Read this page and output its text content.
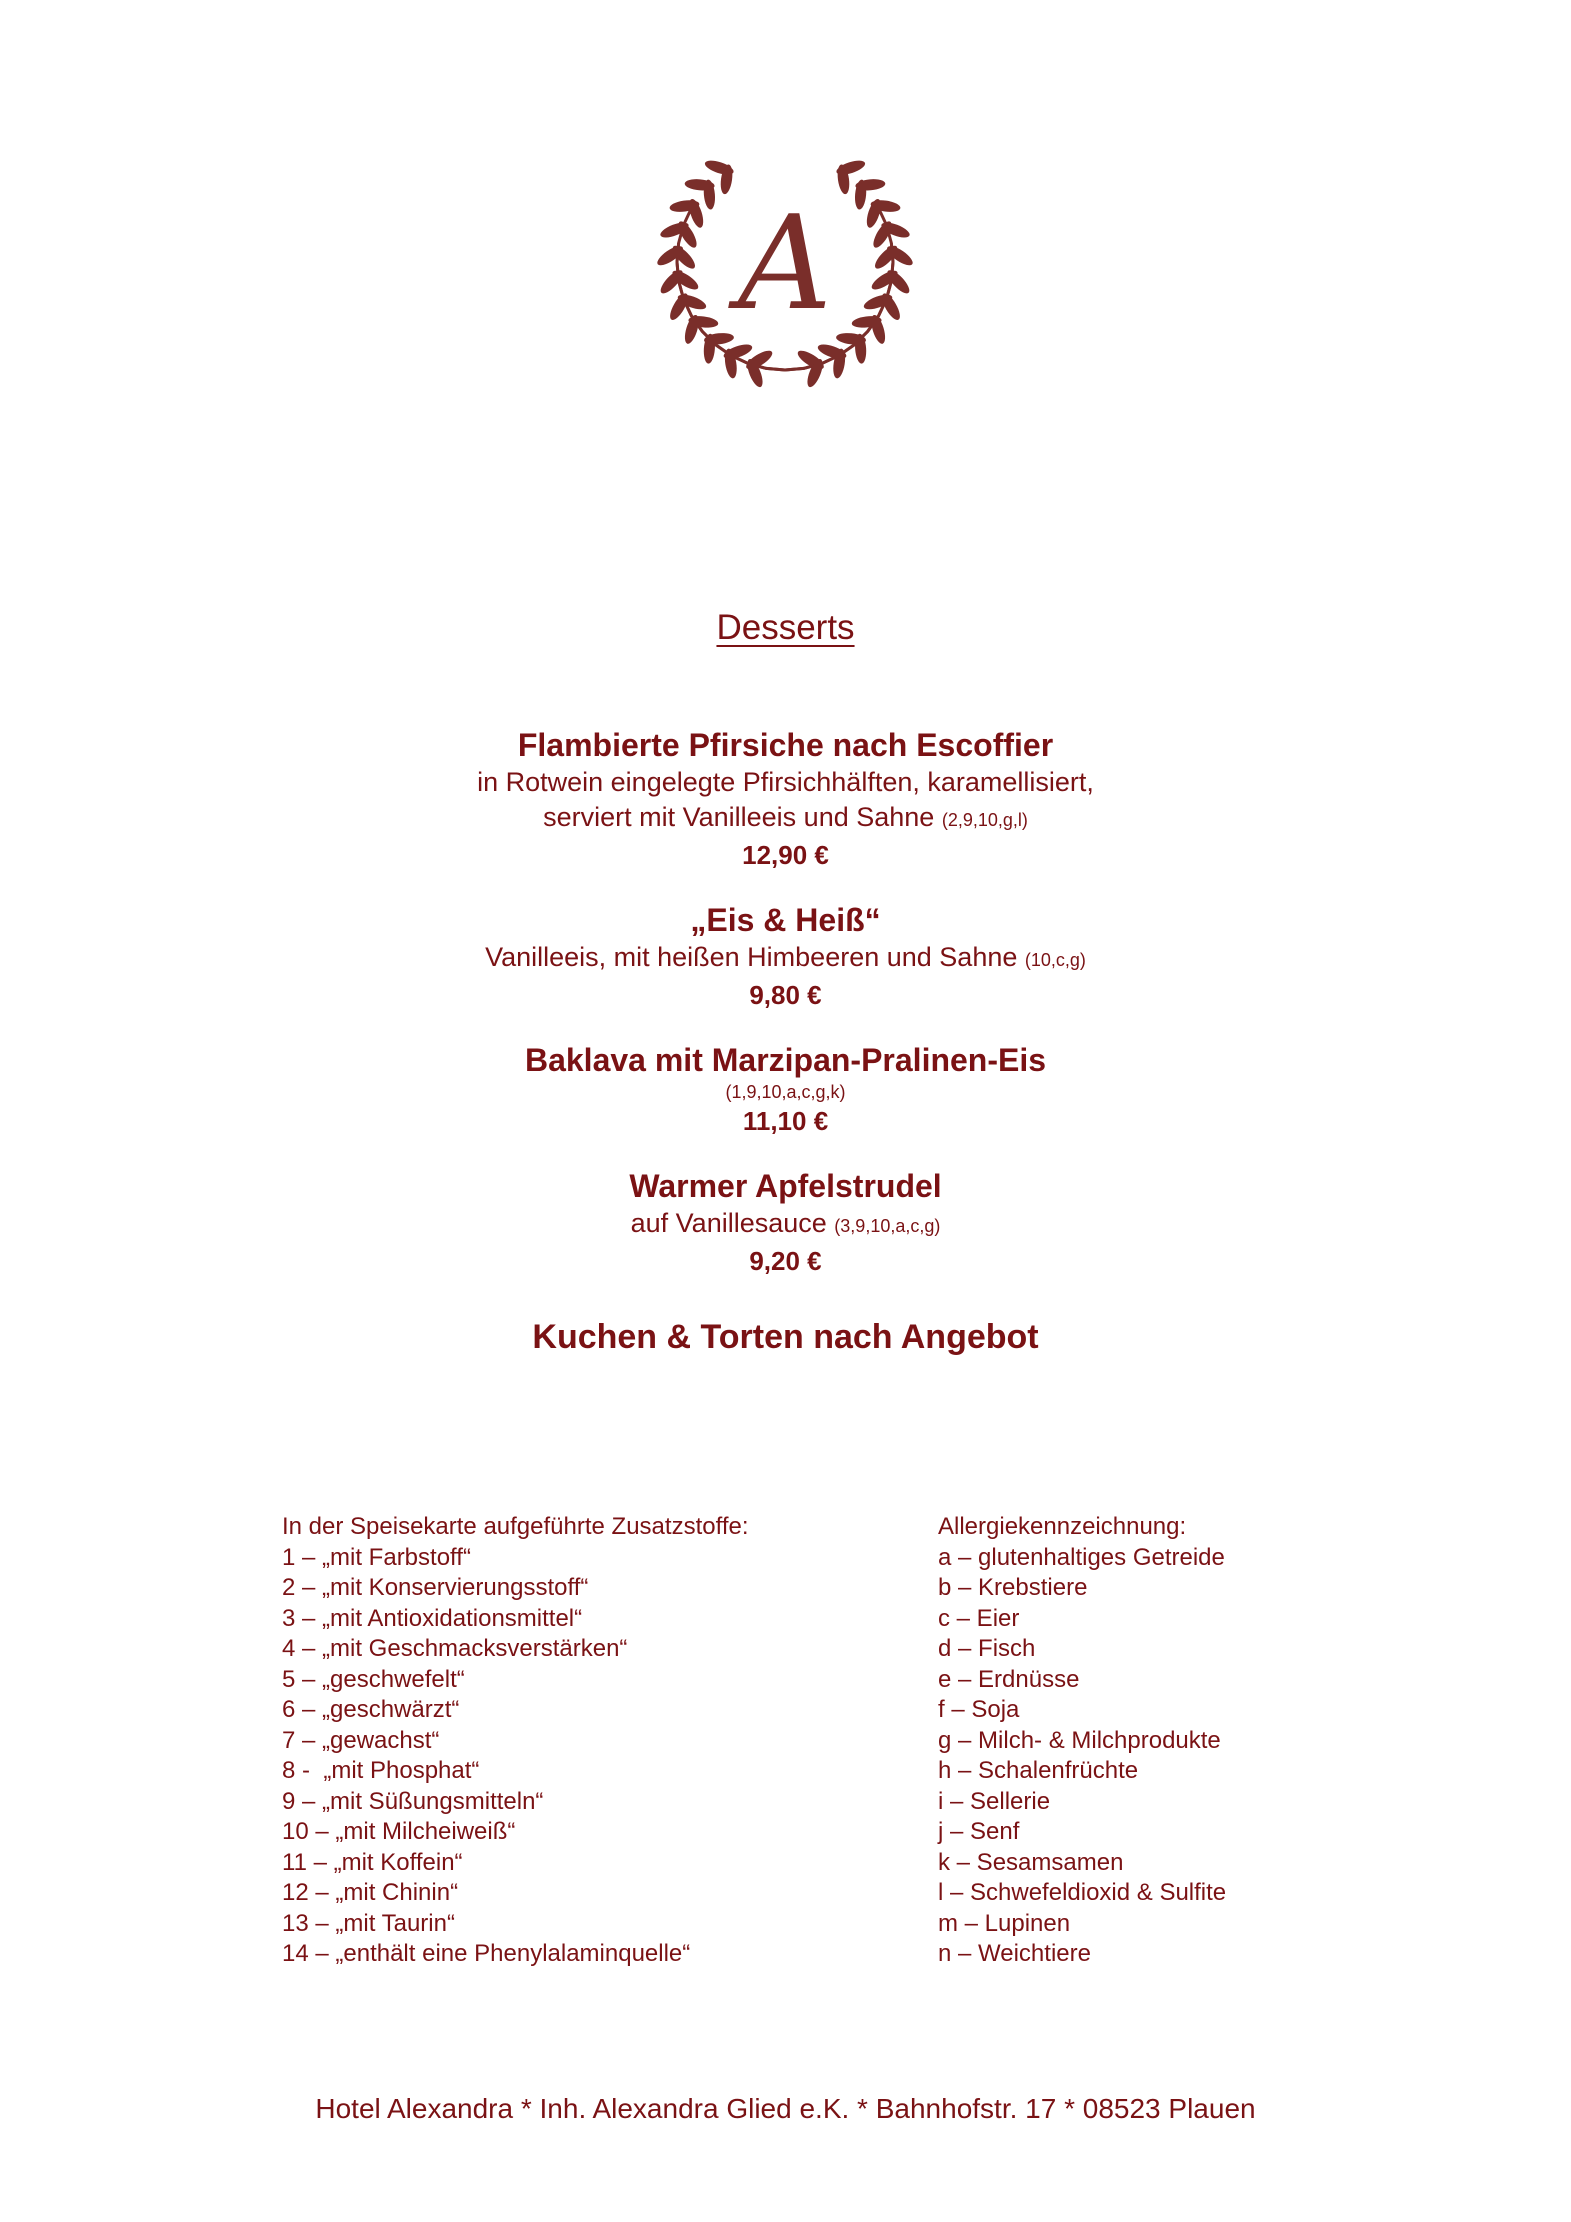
A
Desserts
Flambierte Pfirsiche nach Escoffier
in Rotwein eingelegte Pfirsichhälften, karamellisiert,
serviert mit Vanilleeis und Sahne (2,9,10,g,l)
12,90 €
„Eis & Heiß“
Vanilleeis, mit heißen Himbeeren und Sahne (10,c,g)
9,80 €
Baklava mit Marzipan-Pralinen-Eis
(1,9,10,a,c,g,k)
11,10 €
Warmer Apfelstrudel
auf Vanillesauce (3,9,10,a,c,g)
9,20 €
Kuchen & Torten nach Angebot
In der Speisekarte aufgeführte Zusatzstoffe:
1 – „mit Farbstoff“
2 – „mit Konservierungsstoff“
3 – „mit Antioxidationsmittel“
4 – „mit Geschmacksverstärken“
5 – „geschwefelt“
6 – „geschwärzt“
7 – „gewachst“
8 -  „mit Phosphat“
9 – „mit Süßungsmitteln“
10 – „mit Milcheiweiß“
11 – „mit Koffein“
12 – „mit Chinin“
13 – „mit Taurin“
14 – „enthält eine Phenylalaminquelle“
Allergiekennzeichnung:
a – glutenhaltiges Getreide
b – Krebstiere
c – Eier
d – Fisch
e – Erdnüsse
f – Soja
g – Milch- & Milchprodukte
h – Schalenfrüchte
i – Sellerie
j – Senf
k – Sesamsamen
l – Schwefeldioxid & Sulfite
m – Lupinen
n – Weichtiere
Hotel Alexandra * Inh. Alexandra Glied e.K. * Bahnhofstr. 17 * 08523 Plauen
